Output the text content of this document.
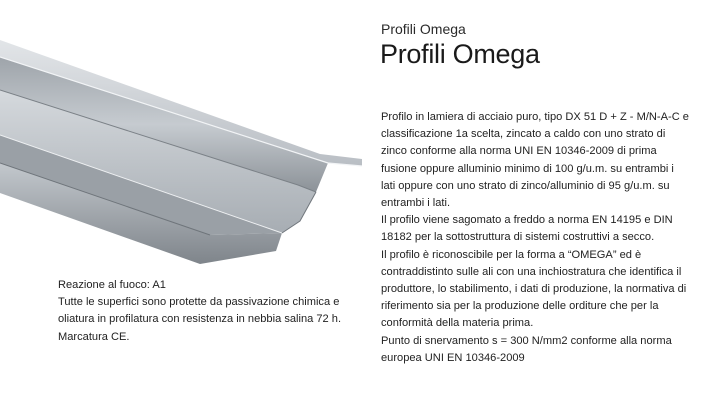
Profili Omega
Profili Omega

Profilo in lamiera di acciaio puro, tipo DX 51 D + Z - M/N-A-C e classificazione 1a scelta, zincato a caldo con uno strato di zinco conforme alla norma UNI EN 10346-2009 di prima fusione oppure alluminio minimo di 100 g/u.m. su entrambi i lati oppure con uno strato di zinco/alluminio di 95 g/u.m. su entrambi i lati.

Il profilo viene sagomato a freddo a norma EN 14195 e DIN 18182 per la sottostruttura di sistemi costruttivi a secco.

Il profilo è riconoscibile per la forma a “OMEGA” ed è contraddistinto sulle ali con una inchiostratura che identifica il produttore, lo stabilimento, i dati di produzione, la normativa di riferimento sia per la produzione delle orditure che per la conformità della materia prima.

Punto di snervamento s = 300 N/mm2 conforme alla norma europea UNI EN 10346-2009

Reazione al fuoco: A1

Tutte le superfici sono protette da passivazione chimica e oliatura in profilatura con resistenza in nebbia salina 72 h.

Marcatura CE.
